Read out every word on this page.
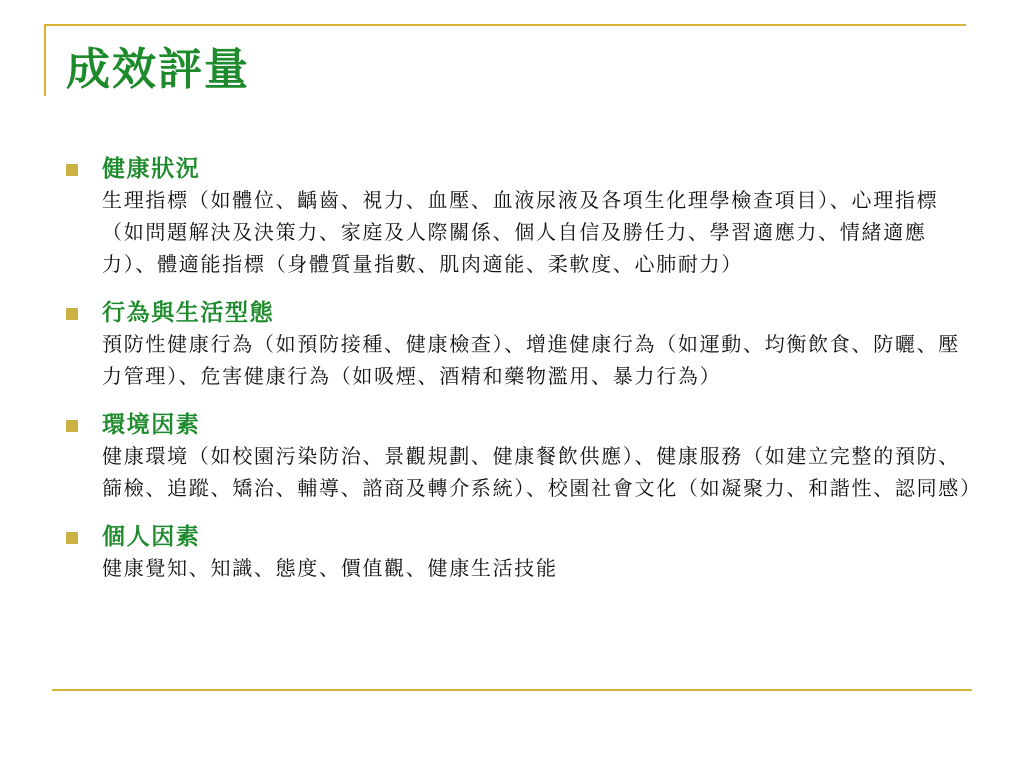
成效評量
健康狀況
生理指標（如體位、齲齒、視力、血壓、血液尿液及各項生化理學檢查項目）、心理指標（如問題解決及決策力、家庭及人際關係、個人自信及勝任力、學習適應力、情緒適應力）、體適能指標（身體質量指數、肌肉適能、柔軟度、心肺耐力）
行為與生活型態
預防性健康行為（如預防接種、健康檢查）、增進健康行為（如運動、均衡飲食、防曬、壓力管理）、危害健康行為（如吸煙、酒精和藥物濫用、暴力行為）
環境因素
健康環境（如校園污染防治、景觀規劃、健康餐飲供應）、健康服務（如建立完整的預防、篩檢、追蹤、矯治、輔導、諮商及轉介系統）、校園社會文化（如凝聚力、和諧性、認同感）
個人因素
健康覺知、知識、態度、價值觀、健康生活技能
